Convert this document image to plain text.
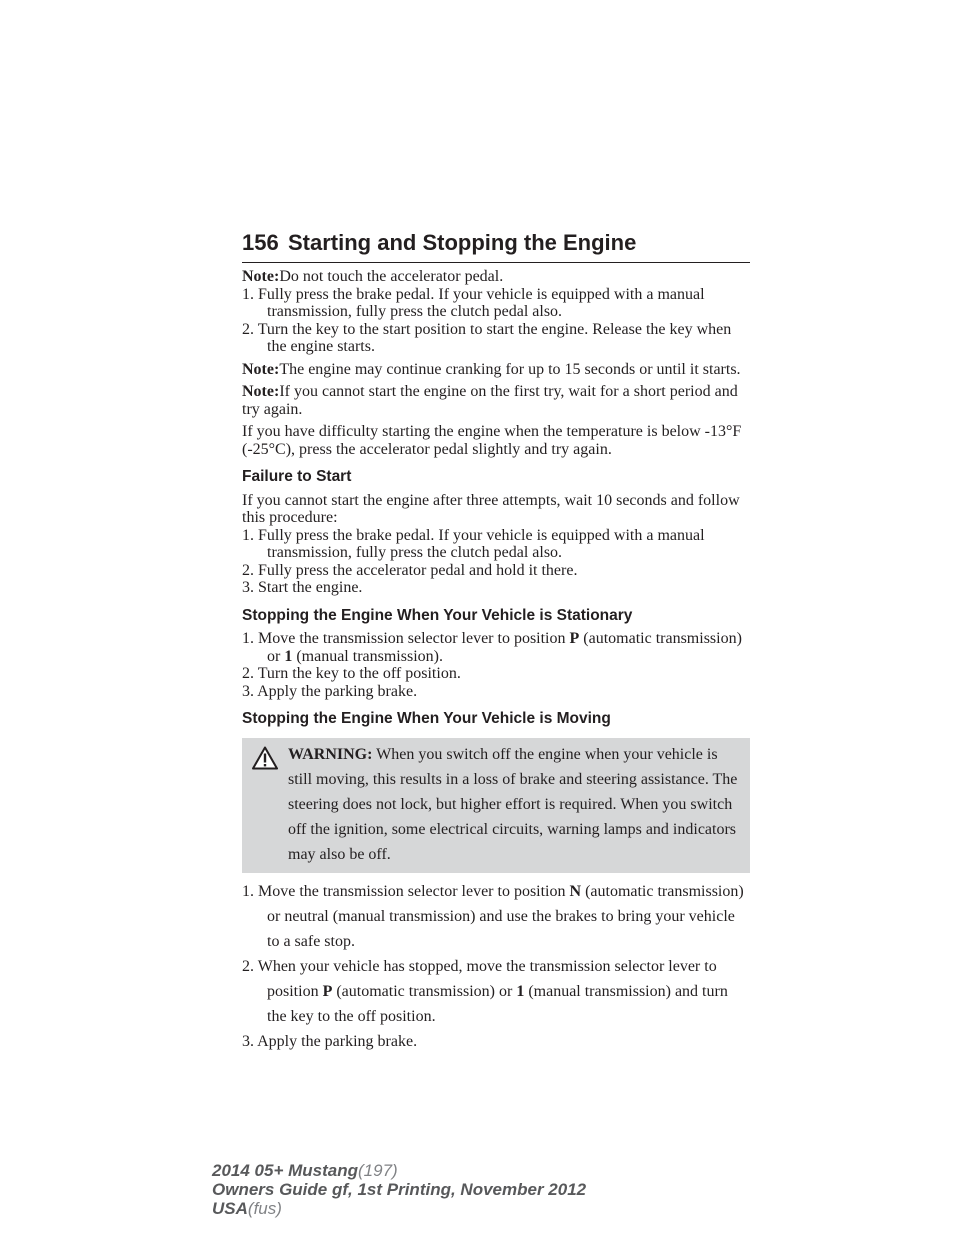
156 Starting and Stopping the Engine

Note:Do not touch the accelerator pedal.

1. Fully press the brake pedal. If your vehicle is equipped with a manual transmission, fully press the clutch pedal also.

2. Turn the key to the start position to start the engine. Release the key when the engine starts.

Note:The engine may continue cranking for up to 15 seconds or until it starts.

Note:If you cannot start the engine on the first try, wait for a short period and try again.

If you have difficulty starting the engine when the temperature is below -13°F (-25°C), press the accelerator pedal slightly and try again.

Failure to Start

If you cannot start the engine after three attempts, wait 10 seconds and follow this procedure:

1. Fully press the brake pedal. If your vehicle is equipped with a manual transmission, fully press the clutch pedal also.

2. Fully press the accelerator pedal and hold it there.

3. Start the engine.

Stopping the Engine When Your Vehicle is Stationary

1. Move the transmission selector lever to position P (automatic transmission) or 1 (manual transmission).

2. Turn the key to the off position.

3. Apply the parking brake.

Stopping the Engine When Your Vehicle is Moving

WARNING: When you switch off the engine when your vehicle is still moving, this results in a loss of brake and steering assistance. The steering does not lock, but higher effort is required. When you switch off the ignition, some electrical circuits, warning lamps and indicators may also be off.

1. Move the transmission selector lever to position N (automatic transmission) or neutral (manual transmission) and use the brakes to bring your vehicle to a safe stop.

2. When your vehicle has stopped, move the transmission selector lever to position P (automatic transmission) or 1 (manual transmission) and turn the key to the off position.

3. Apply the parking brake.

2014 05+ Mustang(197)
Owners Guide gf, 1st Printing, November 2012
USA(fus)
